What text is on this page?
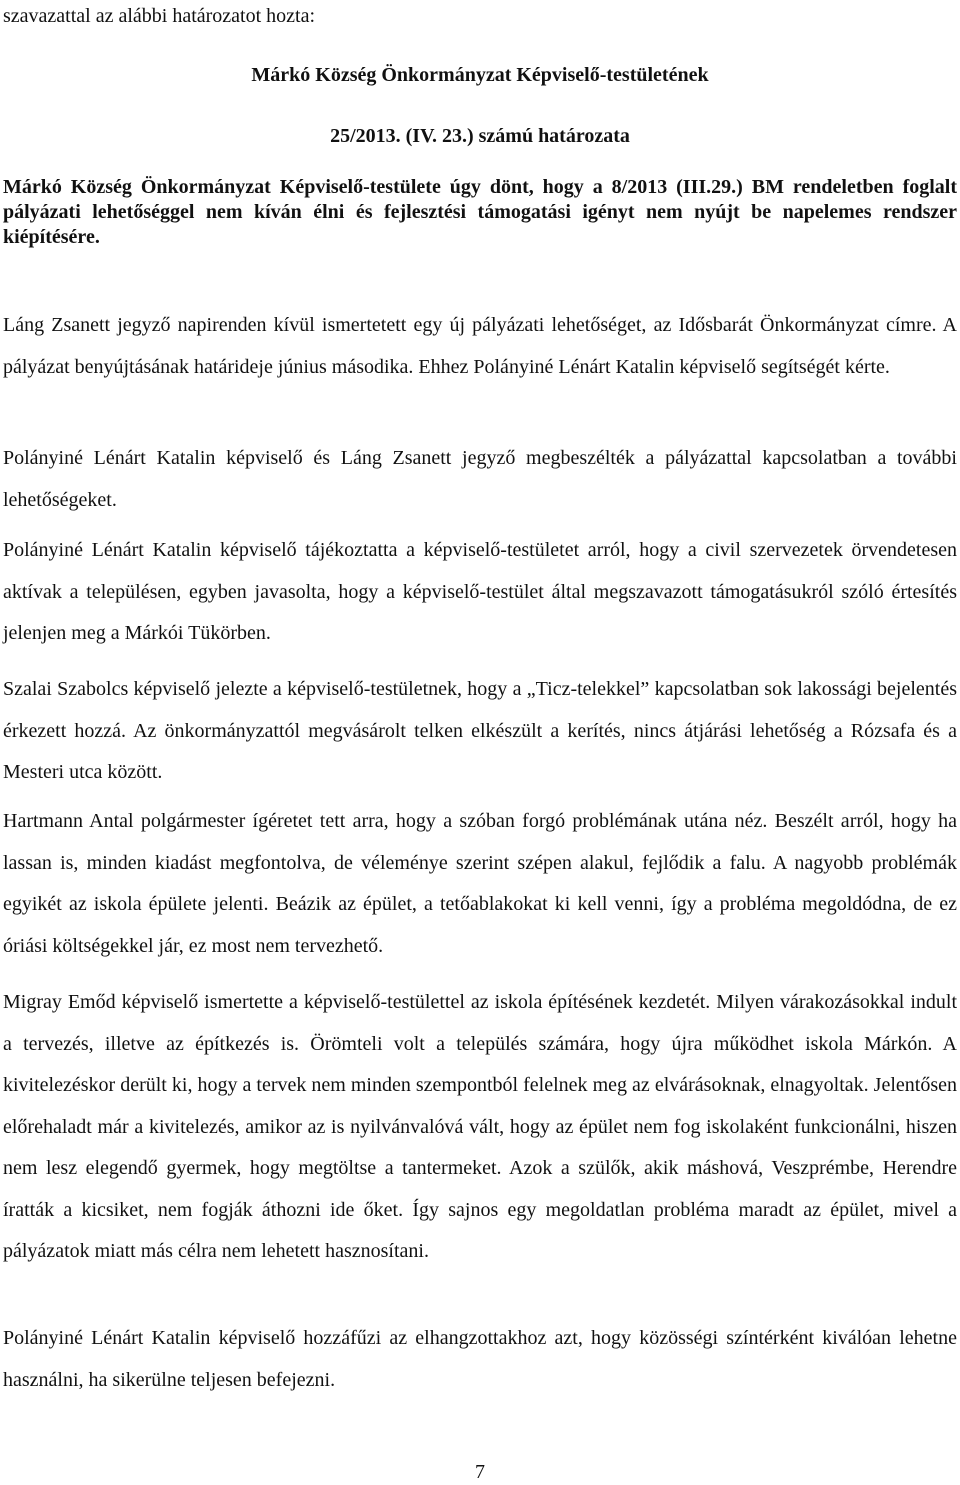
szavazattal az alábbi határozatot hozta:
Márkó Község Önkormányzat Képviselő-testületének
25/2013. (IV. 23.) számú határozata
Márkó Község Önkormányzat Képviselő-testülete úgy dönt, hogy a 8/2013 (III.29.) BM rendeletben foglalt pályázati lehetőséggel nem kíván élni és fejlesztési támogatási igényt nem nyújt be napelemes rendszer kiépítésére.
Láng Zsanett jegyző napirenden kívül ismertetett egy új pályázati lehetőséget, az Idősbarát Önkormányzat címre. A pályázat benyújtásának határideje június másodika. Ehhez Polányiné Lénárt Katalin képviselő segítségét kérte.
Polányiné Lénárt Katalin képviselő és Láng Zsanett jegyző megbeszélték a pályázattal kapcsolatban a további lehetőségeket.
Polányiné Lénárt Katalin képviselő tájékoztatta a képviselő-testületet arról, hogy a civil szervezetek örvendetesen aktívak a településen, egyben javasolta, hogy a képviselő-testület által megszavazott támogatásukról szóló értesítés jelenjen meg a Márkói Tükörben.
Szalai Szabolcs képviselő jelezte a képviselő-testületnek, hogy a „Ticz-telekkel” kapcsolatban sok lakossági bejelentés érkezett hozzá. Az önkormányzattól megvásárolt telken elkészült a kerítés, nincs átjárási lehetőség a Rózsafa és a Mesteri utca között.
Hartmann Antal polgármester ígéretet tett arra, hogy a szóban forgó problémának utána néz. Beszélt arról, hogy ha lassan is, minden kiadást megfontolva, de véleménye szerint szépen alakul, fejlődik a falu. A nagyobb problémák egyikét az iskola épülete jelenti. Beázik az épület, a tetőablakokat ki kell venni, így a probléma megoldódna, de ez óriási költségekkel jár, ez most nem tervezhető.
Migray Emőd képviselő ismertette a képviselő-testülettel az iskola építésének kezdetét. Milyen várakozásokkal indult a tervezés, illetve az építkezés is. Örömteli volt a település számára, hogy újra működhet iskola Márkón. A kivitelezéskor derült ki, hogy a tervek nem minden szempontból felelnek meg az elvárásoknak, elnagyoltak. Jelentősen előrehaladt már a kivitelezés, amikor az is nyilvánvalóvá vált, hogy az épület nem fog iskolaként funkcionálni, hiszen nem lesz elegendő gyermek, hogy megtöltse a tantermeket. Azok a szülők, akik máshová, Veszprémbe, Herendre íratták a kicsiket, nem fogják áthozni ide őket. Így sajnos egy megoldatlan probléma maradt az épület, mivel a pályázatok miatt más célra nem lehetett hasznosítani.
Polányiné Lénárt Katalin képviselő hozzáfűzi az elhangzottakhoz azt, hogy közösségi színtérként kiválóan lehetne használni, ha sikerülne teljesen befejezni.
7
